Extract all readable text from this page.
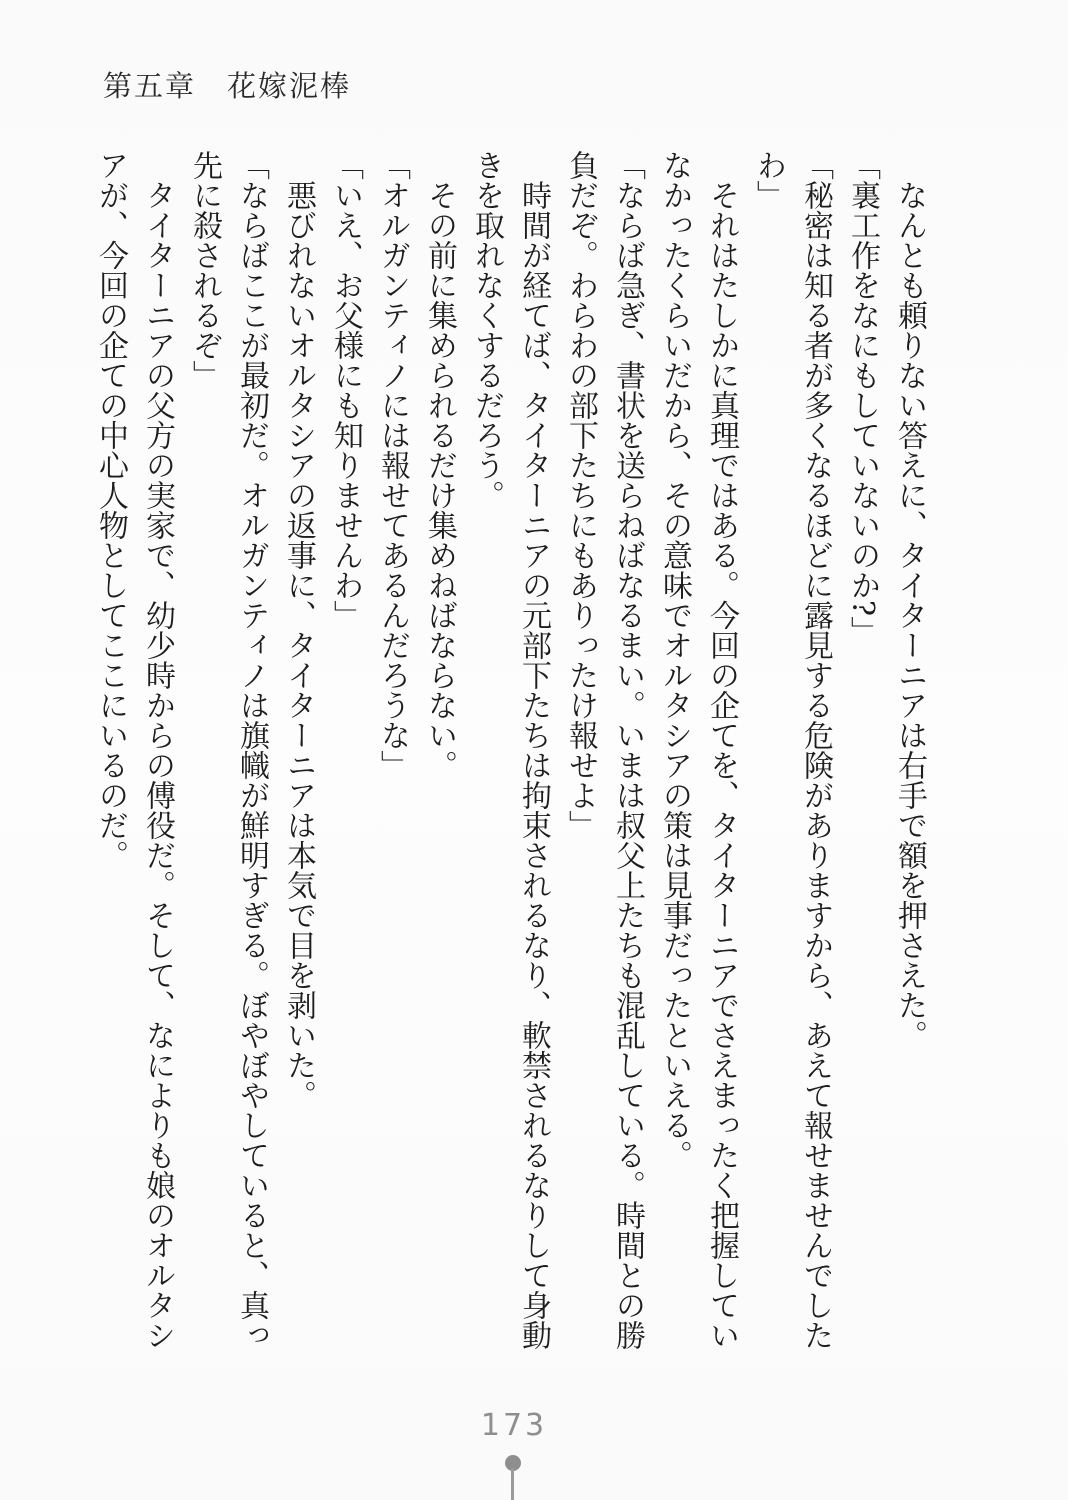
第五章　花嫁泥棒

なんとも頼りない答えに、タイターニアは右手で額を押さえた。

「裏工作をなにもしていないのか?」

「秘密は知る者が多くなるほどに露見する危険がありますから、あえて報せませんでしたわ」

それはたしかに真理ではある。今回の企てを、タイターニアでさえまったく把握していなかったくらいだから、その意味でオルタシアの策は見事だったといえる。

「ならば急ぎ、書状を送らねばなるまい。いまは叔父上たちも混乱している。時間との勝負だぞ。わらわの部下たちにもありったけ報せよ」

時間が経てば、タイターニアの元部下たちは拘束されるなり、軟禁されるなりして身動きを取れなくするだろう。

その前に集められるだけ集めねばならない。

「オルガンティノには報せてあるんだろうな」

「いえ、お父様にも知りませんわ」

悪びれないオルタシアの返事に、タイターニアは本気で目を剥いた。

「ならばここが最初だ。オルガンティノは旗幟が鮮明すぎる。ぼやぼやしていると、真っ先に殺されるぞ」

タイターニアの父方の実家で、幼少時からの傅役だ。そして、なによりも娘のオルタシアが、今回の企ての中心人物としてここにいるのだ。

173
